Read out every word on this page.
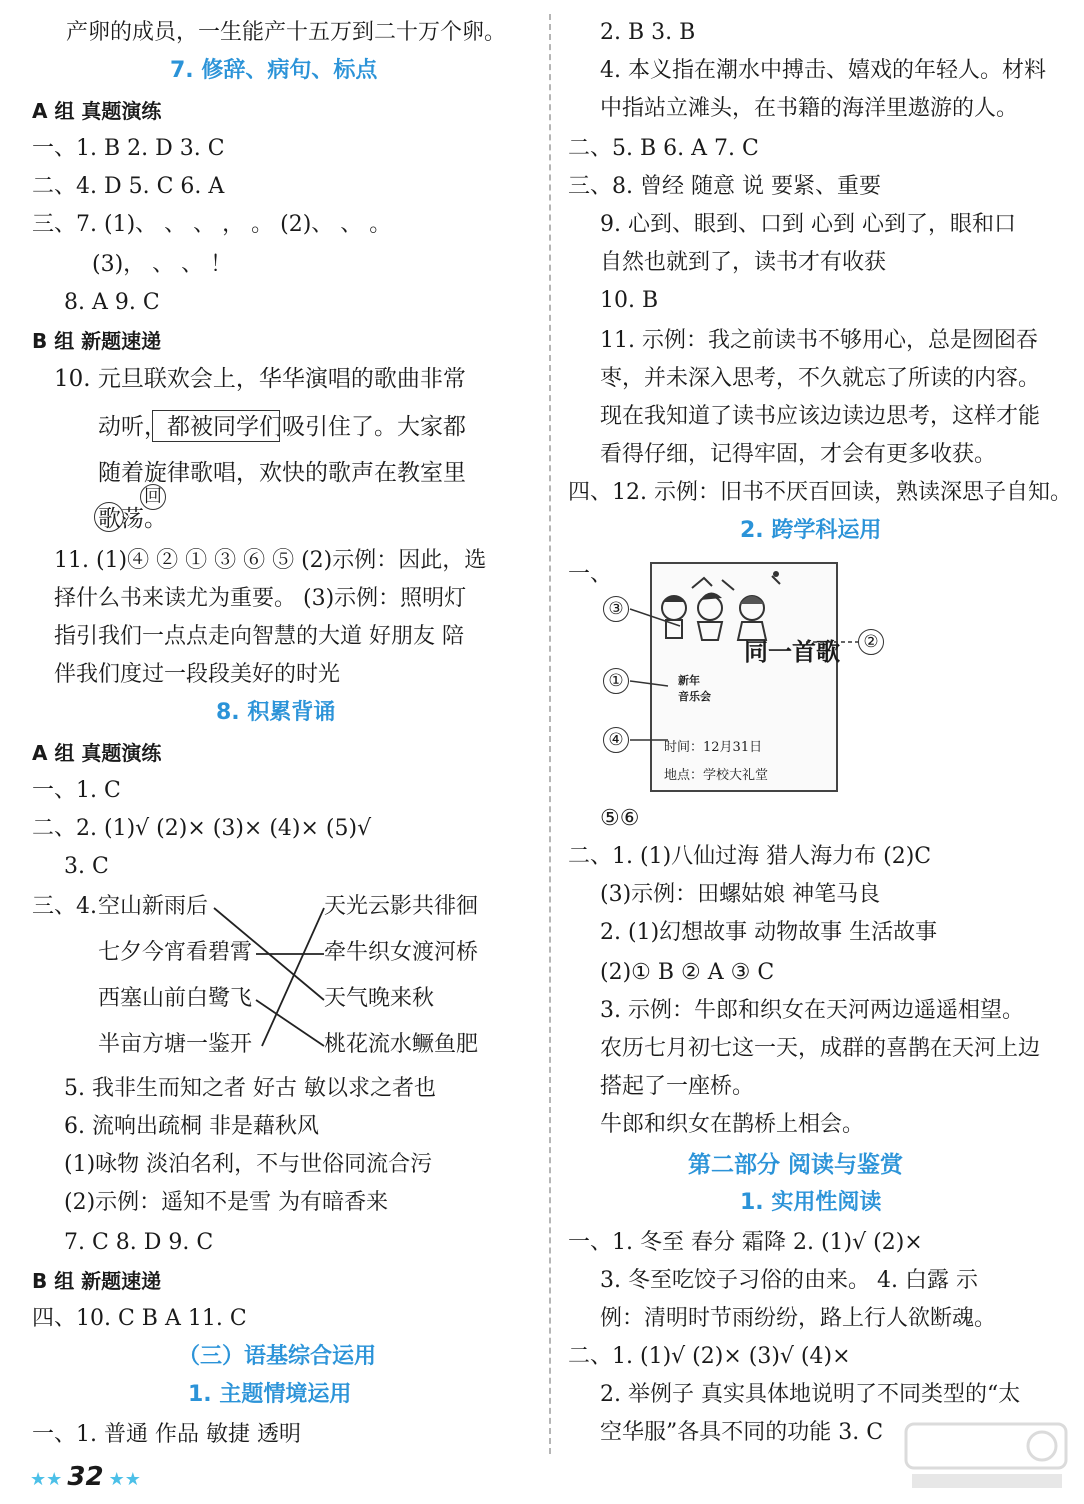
产卵的成员，一生能产十五万到二十万个卵。
7. 修辞、病句、标点
A 组 真题演练
一、1. B 2. D 3. C
二、4. D 5. C 6. A
三、7. (1)、 、 、 ， 。 (2)、 、 。
(3)， 、 、 ！
8. A 9. C
B 组 新题速递
10. 元旦联欢会上，华华演唱的歌曲非常
动听，都被同学们吸引住了。大家都
随着旋律歌唱，欢快的歌声在教室里
歌荡。
回
11. (1)④ ② ① ③ ⑥ ⑤ (2)示例：因此，选
择什么书来读尤为重要。 (3)示例：照明灯
指引我们一点点走向智慧的大道 好朋友 陪
伴我们度过一段段美好的时光
8. 积累背诵
A 组 真题演练
一、1. C
二、2. (1)√ (2)× (3)× (4)× (5)√
3. C
三、4. 空山新雨后
七夕今宵看碧霄
西塞山前白鹭飞
半亩方塘一鉴开
天光云影共徘徊
牵牛织女渡河桥
天气晚来秋
桃花流水鳜鱼肥
5. 我非生而知之者 好古 敏以求之者也
6. 流响出疏桐 非是藉秋风
(1)咏物 淡泊名利，不与世俗同流合污
(2)示例：遥知不是雪 为有暗香来
7. C 8. D 9. C
B 组 新题速递
四、10. C B A 11. C
（三）语基综合运用
1. 主题情境运用
一、1. 普通 作品 敏捷 透明
2. B 3. B
4. 本义指在潮水中搏击、嬉戏的年轻人。材料
中指站立滩头，在书籍的海洋里遨游的人。
二、5. B 6. A 7. C
三、8. 曾经 随意 说 要紧、重要
9. 心到、眼到、口到 心到 心到了，眼和口
自然也就到了，读书才有收获
10. B
11. 示例：我之前读书不够用心，总是囫囵吞
枣，并未深入思考，不久就忘了所读的内容。
现在我知道了读书应该边读边思考，这样才能
看得仔细，记得牢固，才会有更多收获。
四、12. 示例：旧书不厌百回读，熟读深思子自知。
2. 跨学科运用
一、
同一首歌
新年
音乐会
时间：12月31日
地点：学校大礼堂
③
②
①
④
⑤⑥
二、1. (1)八仙过海 猎人海力布 (2)C
(3)示例：田螺姑娘 神笔马良
2. (1)幻想故事 动物故事 生活故事
(2)① B ② A ③ C
3. 示例：牛郎和织女在天河两边遥遥相望。
农历七月初七这一天，成群的喜鹊在天河上边
搭起了一座桥。
牛郎和织女在鹊桥上相会。
第二部分 阅读与鉴赏
1. 实用性阅读
一、1. 冬至 春分 霜降 2. (1)√ (2)×
3. 冬至吃饺子习俗的由来。 4. 白露 示
例：清明时节雨纷纷，路上行人欲断魂。
二、1. (1)√ (2)× (3)√ (4)×
2. 举例子 真实具体地说明了不同类型的“太
空华服”各具不同的功能 3. C
★★ 32 ★★
